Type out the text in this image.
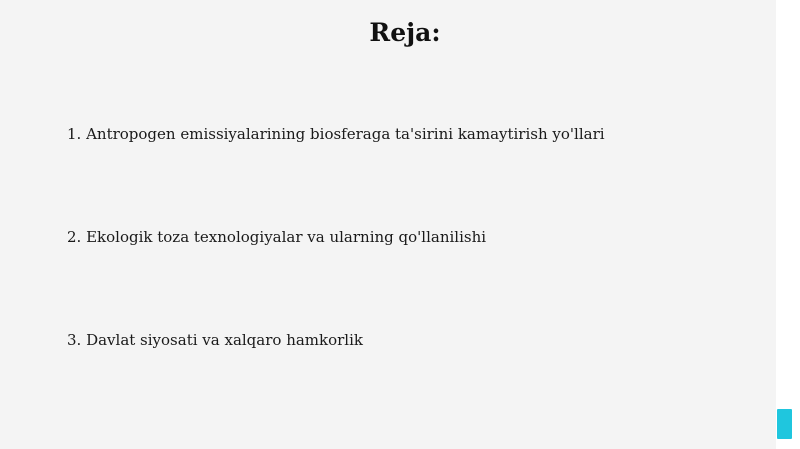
Reja:
1. Antropogen emissiyalarining biosferaga ta'sirini kamaytirish yo'llari
2. Ekologik toza texnologiyalar va ularning qo'llanilishi
3. Davlat siyosati va xalqaro hamkorlik
